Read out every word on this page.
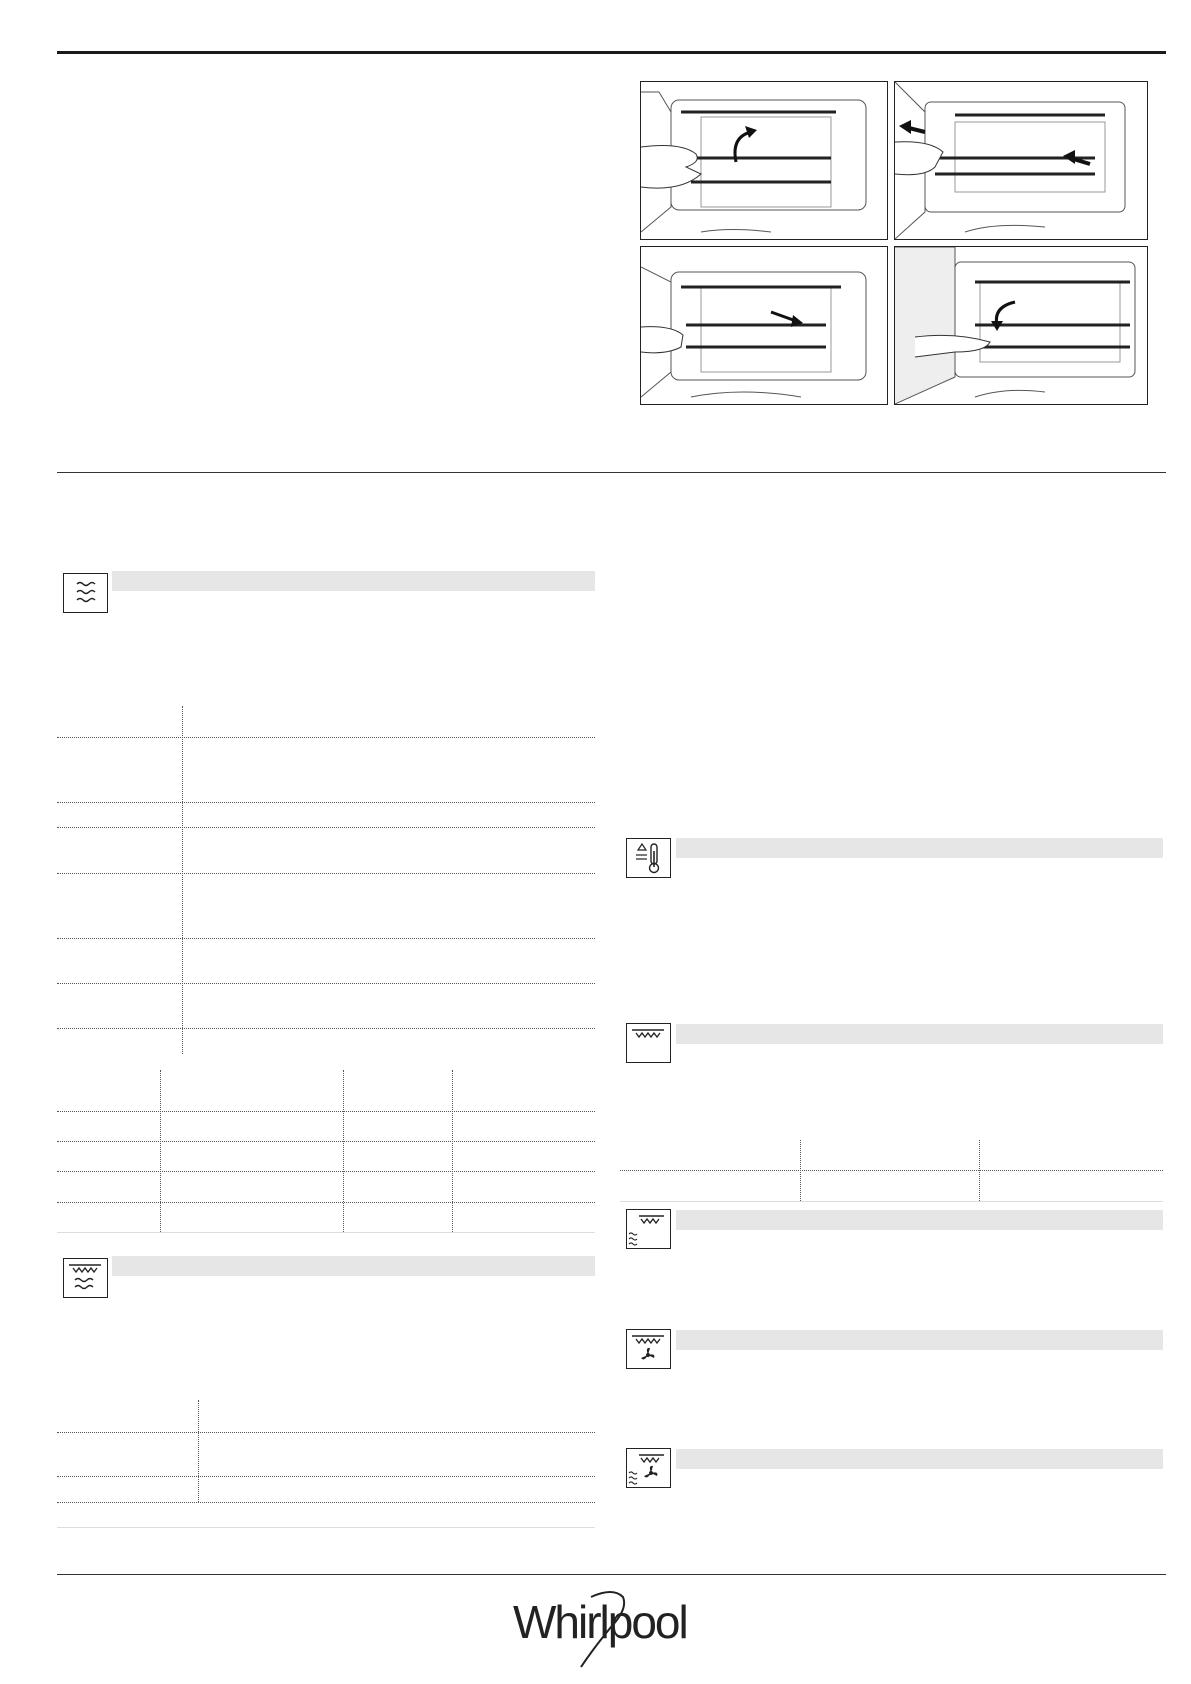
Whirlpool
